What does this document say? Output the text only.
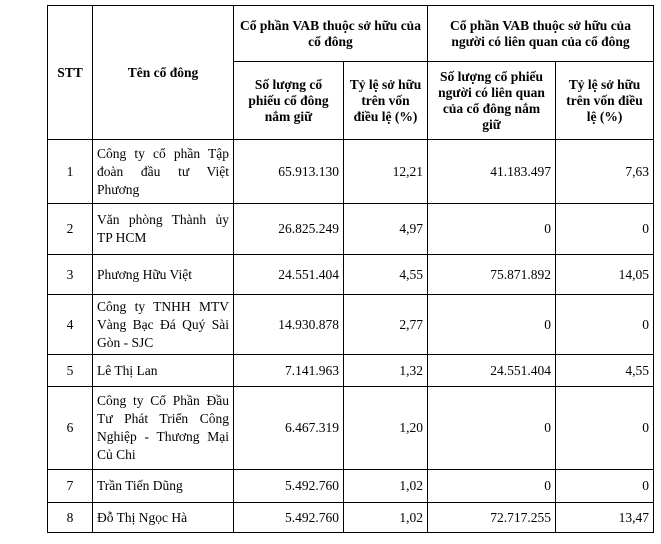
STT	Tên cổ đông	Cổ phần VAB thuộc sở hữu của cổ đông		Cổ phần VAB thuộc sở hữu của người có liên quan của cổ đông	
		Số lượng cổ phiếu cổ đông nắm giữ	Tỷ lệ sở hữu trên vốn điều lệ (%)	Số lượng cổ phiếu người có liên quan của cổ đông nắm giữ	Tỷ lệ sở hữu trên vốn điều lệ (%)
1	Công ty cổ phần Tập đoàn đầu tư Việt Phương	65.913.130	12,21	41.183.497	7,63
2	Văn phòng Thành ủy TP HCM	26.825.249	4,97	0	0
3	Phương Hữu Việt	24.551.404	4,55	75.871.892	14,05
4	Công ty TNHH MTV Vàng Bạc Đá Quý Sài Gòn - SJC	14.930.878	2,77	0	0
5	Lê Thị Lan	7.141.963	1,32	24.551.404	4,55
6	Công ty Cổ Phần Đầu Tư Phát Triển Công Nghiệp - Thương Mại Củ Chi	6.467.319	1,20	0	0
7	Trần Tiến Dũng	5.492.760	1,02	0	0
8	Đỗ Thị Ngọc Hà	5.492.760	1,02	72.717.255	13,47
